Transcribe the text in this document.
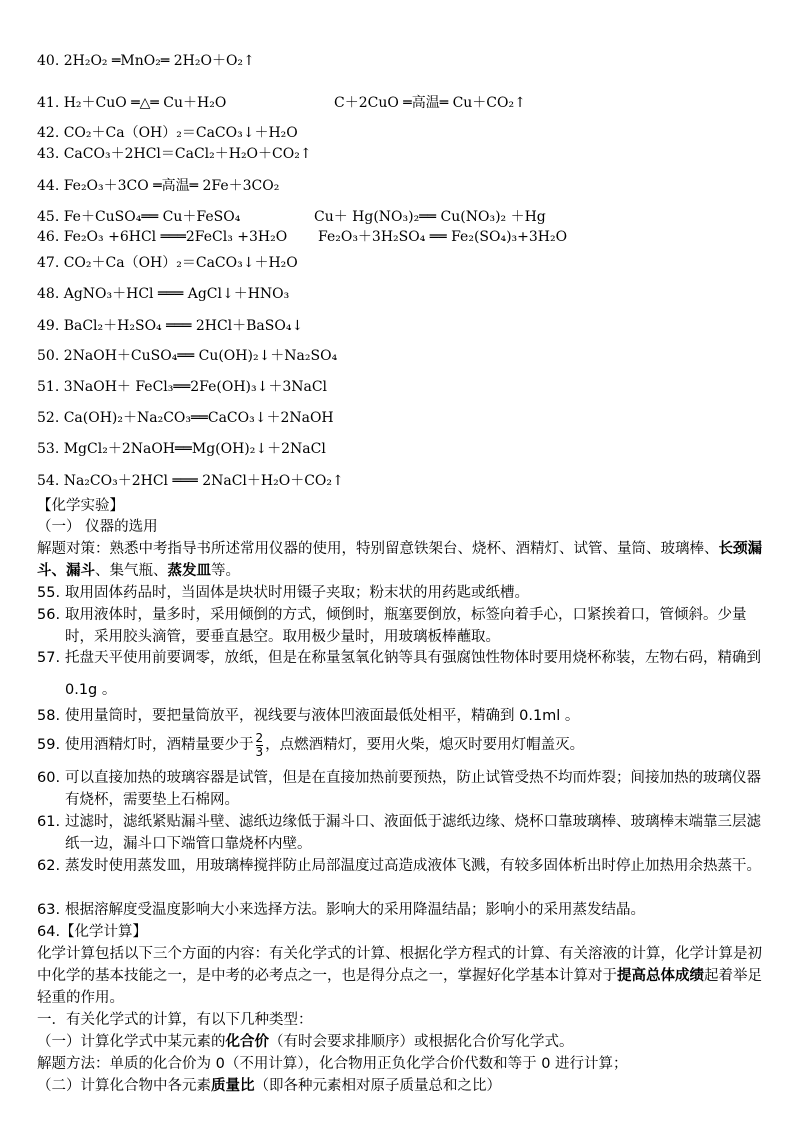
40. 2H₂O₂ ═MnO₂═ 2H₂O＋O₂↑
41. H₂＋CuO ═△═ Cu＋H₂O	C＋2CuO ═高温═ Cu＋CO₂↑
42. CO₂＋Ca（OH）₂＝CaCO₃↓＋H₂O
43. CaCO₃＋2HCl＝CaCl₂＋H₂O＋CO₂↑
44. Fe₂O₃＋3CO ═高温═ 2Fe＋3CO₂
45. Fe＋CuSO₄══ Cu＋FeSO₄	Cu＋ Hg(NO₃)₂══ Cu(NO₃)₂ ＋Hg
46. Fe₂O₃ +6HCl ═══2FeCl₃ +3H₂O Fe₂O₃＋3H₂SO₄ ══ Fe₂(SO₄)₃+3H₂O
47. CO₂＋Ca（OH）₂＝CaCO₃↓＋H₂O
48. AgNO₃＋HCl ═══ AgCl↓＋HNO₃
49. BaCl₂＋H₂SO₄ ═══ 2HCl＋BaSO₄↓
50. 2NaOH＋CuSO₄══ Cu(OH)₂↓＋Na₂SO₄
51. 3NaOH＋ FeCl₃══2Fe(OH)₃↓＋3NaCl
52. Ca(OH)₂＋Na₂CO₃══CaCO₃↓＋2NaOH
53. MgCl₂＋2NaOH══Mg(OH)₂↓＋2NaCl
54. Na₂CO₃＋2HCl ═══ 2NaCl＋H₂O＋CO₂↑
【化学实验】
（一） 仪器的选用
解题对策：熟悉中考指导书所述常用仪器的使用，特别留意铁架台、烧杯、酒精灯、试管、量筒、玻璃棒、长颈漏斗、漏斗、集气瓶、蒸发皿等。
55. 取用固体药品时，当固体是块状时用镊子夹取；粉末状的用药匙或纸槽。
56. 取用液体时，量多时，采用倾倒的方式，倾倒时，瓶塞要倒放，标签向着手心，口紧挨着口，管倾斜。少量时，采用胶头滴管，要垂直悬空。取用极少量时，用玻璃板棒蘸取。
57. 托盘天平使用前要调零，放纸，但是在称量氢氧化钠等具有强腐蚀性物体时要用烧杯称装，左物右码，精确到 0.1g 。
58. 使用量筒时，要把量筒放平，视线要与液体凹液面最低处相平，精确到 0.1ml 。
59. 使用酒精灯时，酒精量要少于 $\frac{2}{3}$ ，点燃酒精灯，要用火柴，熄灭时要用灯帽盖灭。
60. 可以直接加热的玻璃容器是试管，但是在直接加热前要预热，防止试管受热不均而炸裂；间接加热的玻璃仪器有烧杯，需要垫上石棉网。
61. 过滤时，滤纸紧贴漏斗壁、滤纸边缘低于漏斗口、液面低于滤纸边缘、烧杯口靠玻璃棒、玻璃棒末端靠三层滤纸一边，漏斗口下端管口靠烧杯内壁。
62. 蒸发时使用蒸发皿，用玻璃棒搅拌防止局部温度过高造成液体飞溅，有较多固体析出时停止加热用余热蒸干。
63. 根据溶解度受温度影响大小来选择方法。影响大的采用降温结晶；影响小的采用蒸发结晶。
64.【化学计算】
化学计算包括以下三个方面的内容：有关化学式的计算、根据化学方程式的计算、有关溶液的计算，化学计算是初中化学的基本技能之一，是中考的必考点之一，也是得分点之一，掌握好化学基本计算对于提高总体成绩起着举足轻重的作用。
一．有关化学式的计算，有以下几种类型：
（一）计算化学式中某元素的化合价（有时会要求排顺序）或根据化合价写化学式。
解题方法：单质的化合价为 0（不用计算），化合物用正负化学合价代数和等于 0 进行计算；
（二）计算化合物中各元素质量比（即各种元素相对原子质量总和之比）
